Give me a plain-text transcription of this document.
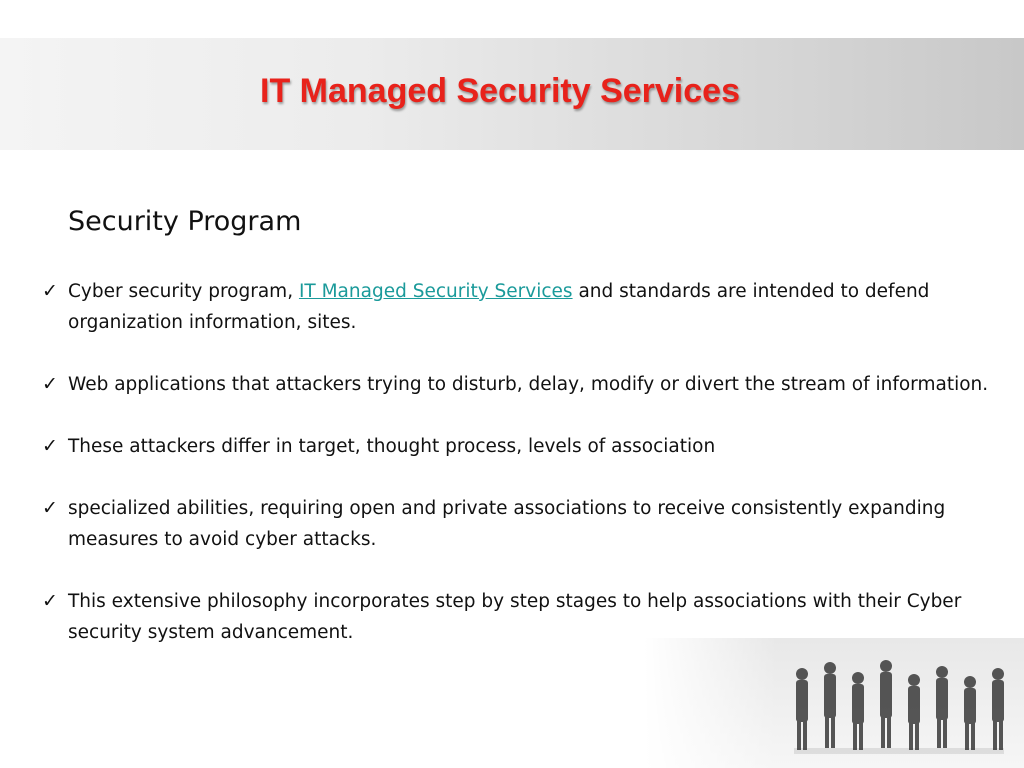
IT Managed Security Services
Security Program
✓ Cyber security program, IT Managed Security Services and standards are intended to defend organization information, sites.
✓ Web applications that attackers trying to disturb, delay, modify or divert the stream of information.
✓ These attackers differ in target, thought process, levels of association
✓ specialized abilities, requiring open and private associations to receive consistently expanding measures to avoid cyber attacks.
✓ This extensive philosophy incorporates step by step stages to help associations with their Cyber security system advancement.
